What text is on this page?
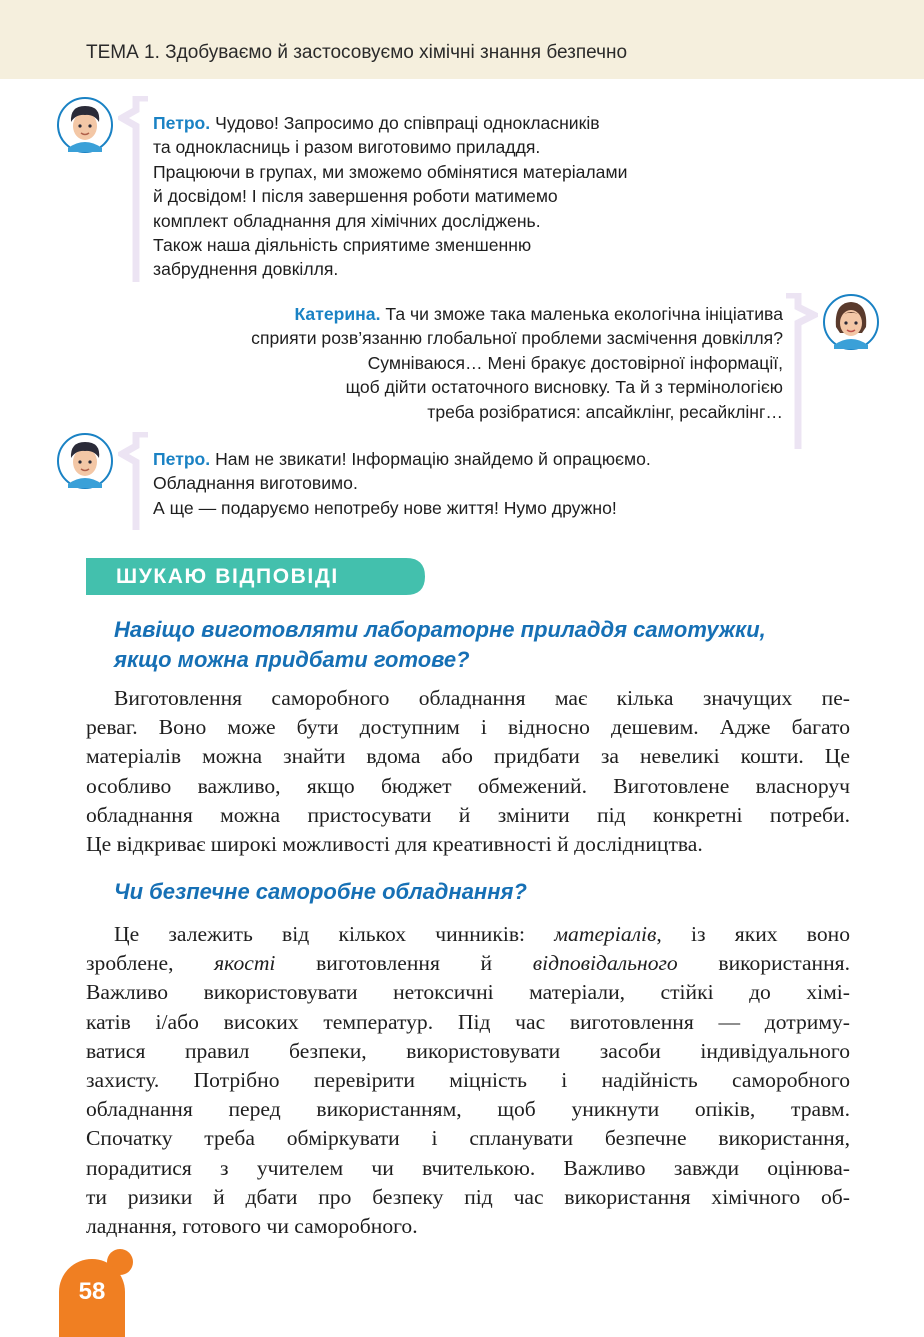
ТЕМА 1. Здобуваємо й застосовуємо хімічні знання безпечно
Петро. Чудово! Запросимо до співпраці однокласників
та однокласниць і разом виготовимо приладдя.
Працюючи в групах, ми зможемо обмінятися матеріалами
й досвідом! І після завершення роботи матимемо
комплект обладнання для хімічних досліджень.
Також наша діяльність сприятиме зменшенню
забруднення довкілля.
Катерина. Та чи зможе така маленька екологічна ініціатива
сприяти розв’язанню глобальної проблеми засмічення довкілля?
Сумніваюся… Мені бракує достовірної інформації,
щоб дійти остаточного висновку. Та й з термінологією
треба розібратися: апсайклінг, ресайклінг…
Петро. Нам не звикати! Інформацію знайдемо й опрацюємо.
Обладнання виготовимо.
А ще — подаруємо непотребу нове життя! Нумо дружно!
ШУКАЮ ВІДПОВІДІ
Навіщо виготовляти лабораторне приладдя самотужки,
якщо можна придбати готове?
Виготовлення саморобного обладнання має кілька значущих пе-
реваг. Воно може бути доступним і відносно дешевим. Адже багато
матеріалів можна знайти вдома або придбати за невеликі кошти. Це
особливо важливо, якщо бюджет обмежений. Виготовлене власноруч
обладнання можна пристосувати й змінити під конкретні потреби.
Це відкриває широкі можливості для креативності й дослідництва.
Чи безпечне саморобне обладнання?
Це залежить від кількох чинників: матеріалів, із яких воно
зроблене, якості виготовлення й відповідального використання.
Важливо використовувати нетоксичні матеріали, стійкі до хімі-
катів і/або високих температур. Під час виготовлення — дотриму-
ватися правил безпеки, використовувати засоби індивідуального
захисту. Потрібно перевірити міцність і надійність саморобного
обладнання перед використанням, щоб уникнути опіків, травм.
Спочатку треба обміркувати і спланувати безпечне використання,
порадитися з учителем чи вчителькою. Важливо завжди оцінюва-
ти ризики й дбати про безпеку під час використання хімічного об-
ладнання, готового чи саморобного.
58
